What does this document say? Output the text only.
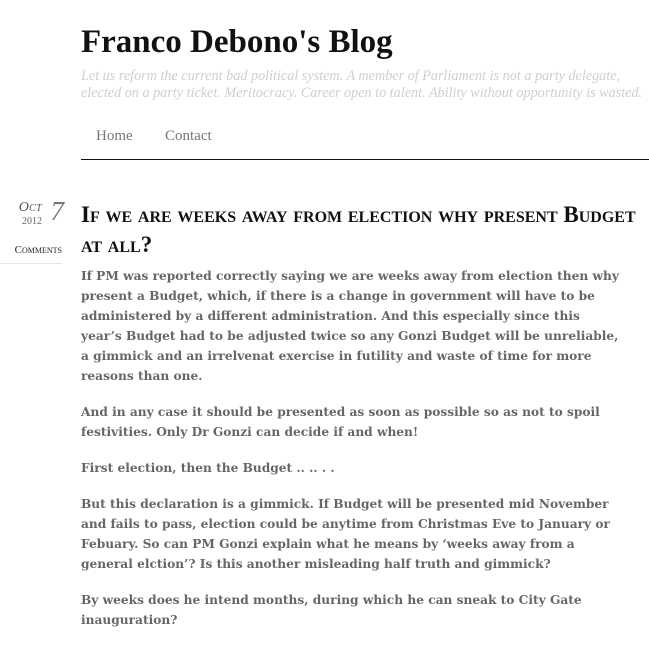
Franco Debono's Blog
Let us reform the current bad political system. A member of Parliament is not a party delegate,
elected on a party ticket. Meritocracy. Career open to talent. Ability without opportunity is wasted.
Home Contact
Oct 7
2012
Comments
If we are weeks away from election why present Budget at all?

If PM was reported correctly saying we are weeks away from election then why present a Budget, which, if there is a change in government will have to be administered by a different administration. And this especially since this year’s Budget had to be adjusted twice so any Gonzi Budget will be unreliable, a gimmick and an irrelvenat exercise in futility and waste of time for more reasons than one.

And in any case it should be presented as soon as possible so as not to spoil festivities. Only Dr Gonzi can decide if and when!

First election, then the Budget .. .. . .

But this declaration is a gimmick. If Budget will be presented mid November and fails to pass, election could be anytime from Christmas Eve to January or Febuary. So can PM Gonzi explain what he means by ‘weeks away from a general elction’? Is this another misleading half truth and gimmick?

By weeks does he intend months, during which he can sneak to City Gate inauguration?
